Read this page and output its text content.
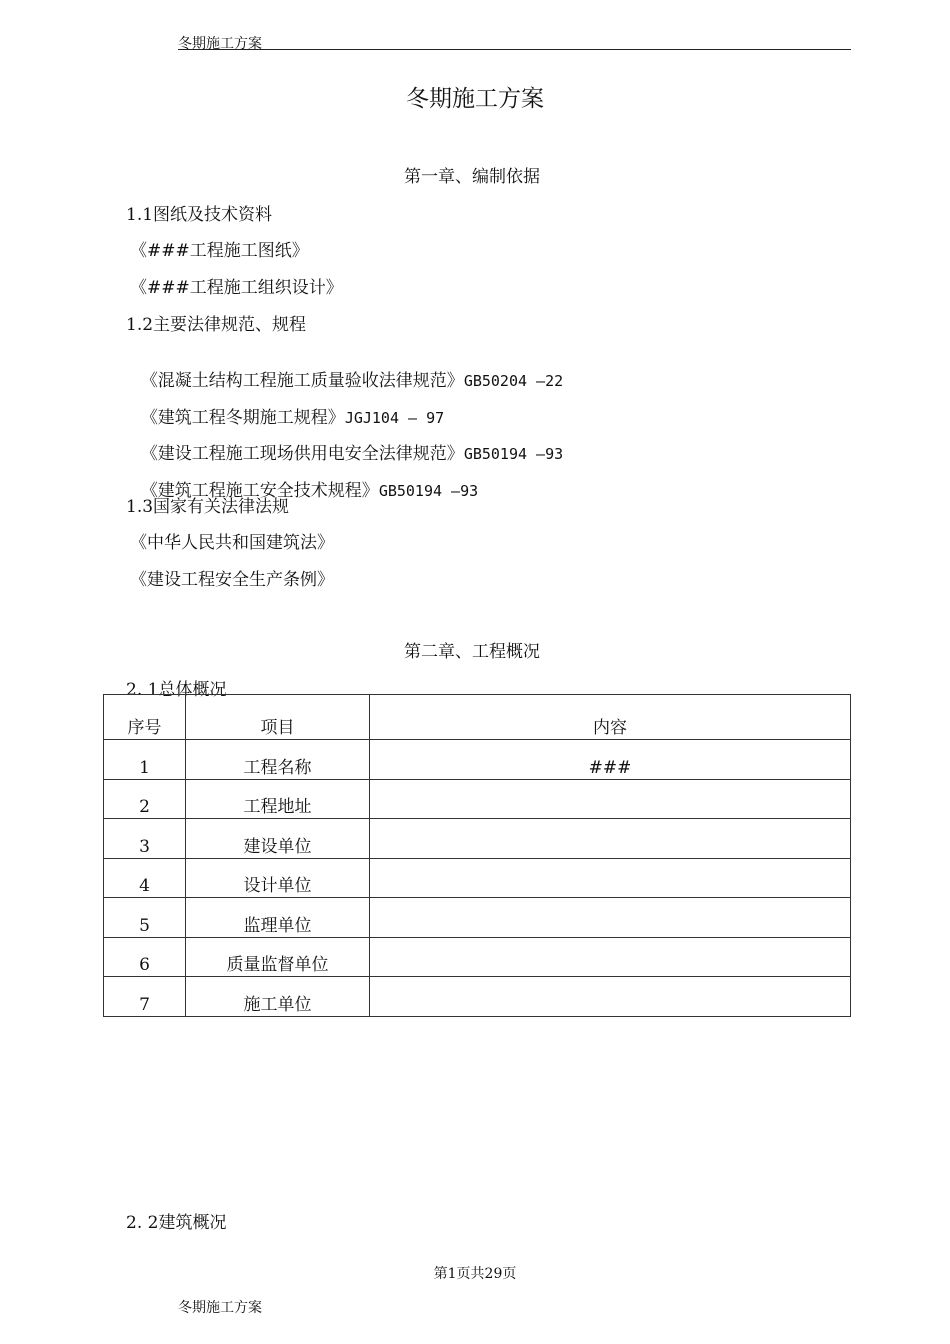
冬期施工方案
冬期施工方案
第一章、编制依据
1.1图纸及技术资料
《###工程施工图纸》
《###工程施工组织设计》
1.2主要法律规范、规程

《混凝土结构工程施工质量验收法律规范》GB50204 —22

《建筑工程冬期施工规程》JGJ104 — 97

《建设工程施工现场供用电安全法律规范》GB50194 —93

《建筑工程施工安全技术规程》GB50194 —93

1.3国家有关法律法规
《中华人民共和国建筑法》
《建设工程安全生产条例》
第二章、工程概况
2. 1总体概况
序号	项目	内容
1	工程名称	###
2	工程地址	
3	建设单位	
4	设计单位	
5	监理单位	
6	质量监督单位	
7	施工单位	
2. 2建筑概况
第1页共29页
冬期施工方案
